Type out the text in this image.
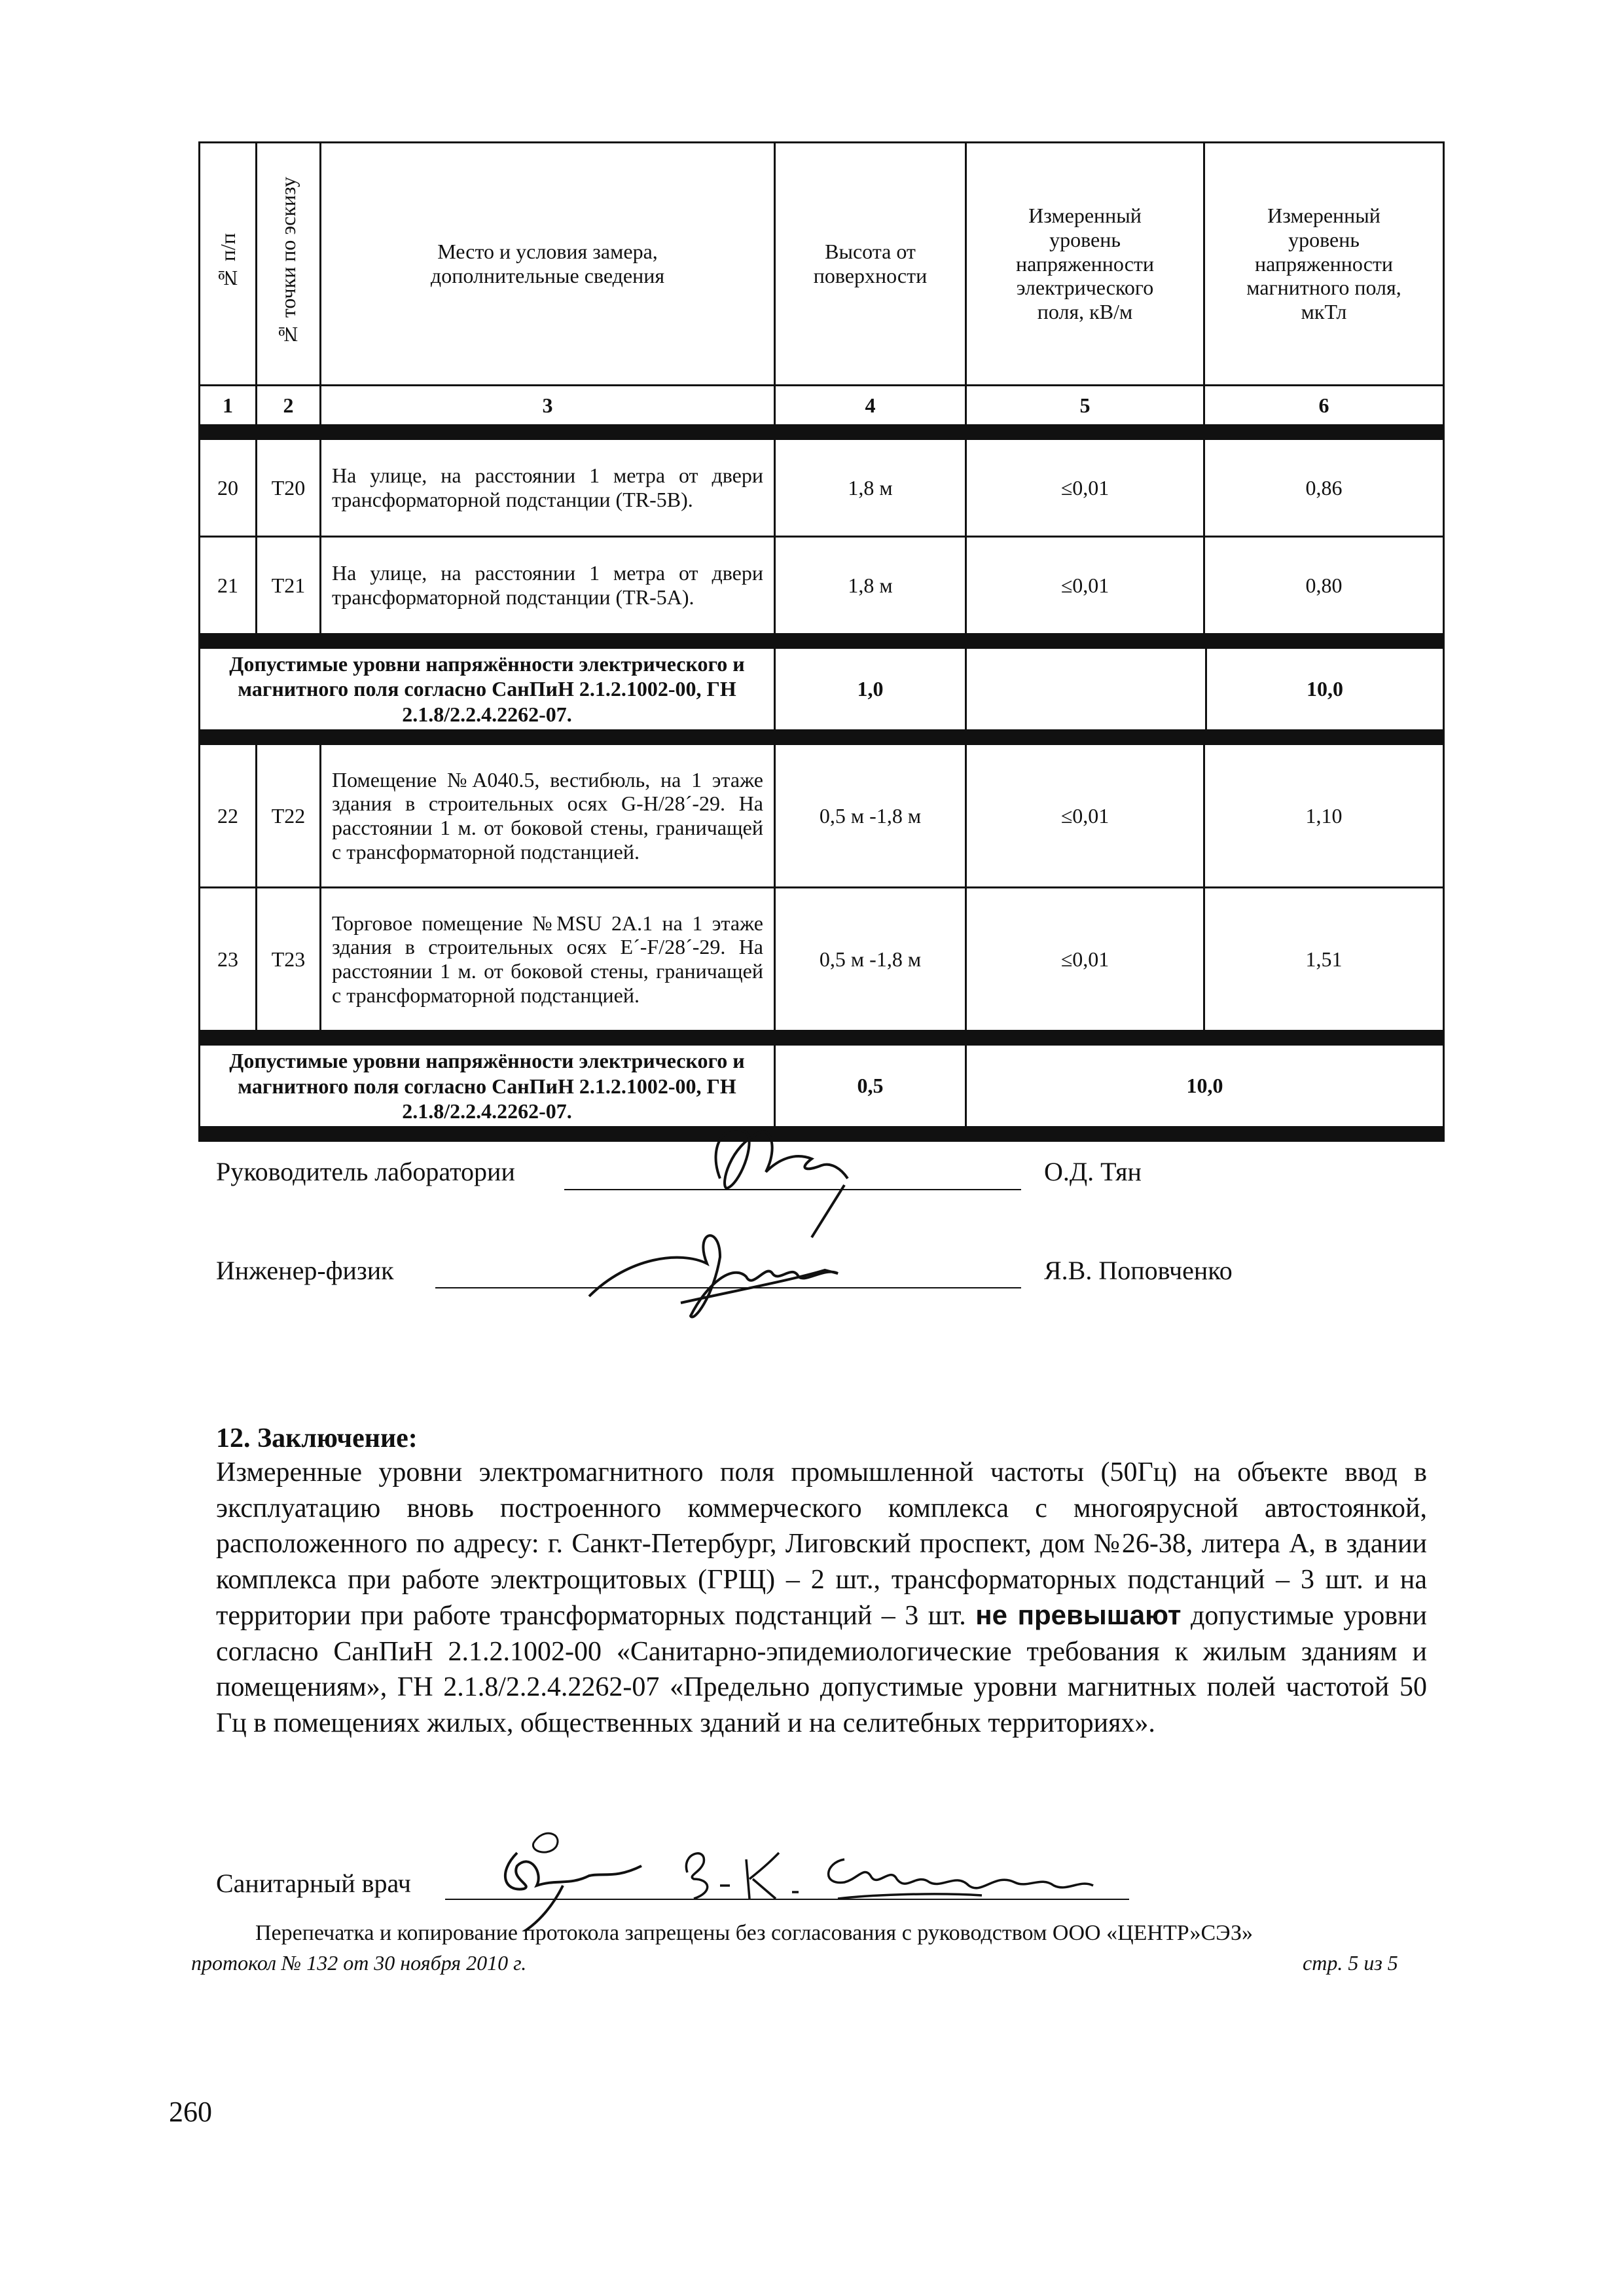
№ п/п	№ точки по эскизу	Место и условия замера, дополнительные сведения	Высота от поверхности	Измеренный уровень напряженности электрического поля, кВ/м	Измеренный уровень напряженности магнитного поля, мкТл
1	2	3	4	5	6

20	Т20	На улице, на расстоянии 1 метра от двери трансформаторной подстанции (TR-5B).	1,8 м	≤0,01	0,86
21	Т21	На улице, на расстоянии 1 метра от двери трансформаторной подстанции (TR-5A).	1,8 м	≤0,01	0,80

Допустимые уровни напряжённости электрического и магнитного поля согласно СанПиН 2.1.2.1002-00, ГН 2.1.8/2.2.4.2262-07.			1,0	10,0	

22	Т22	Помещение №А040.5, вестибюль, на 1 этаже здания в строительных осях G-H/28´-29. На расстоянии 1 м. от боковой стены, граничащей с трансформаторной подстанцией.	0,5 м -1,8 м	≤0,01	1,10
23	Т23	Торговое помещение №MSU 2A.1 на 1 этаже здания в строительных осях E´-F/28´-29. На расстоянии 1 м. от боковой стены, граничащей с трансформаторной подстанцией.	0,5 м -1,8 м	≤0,01	1,51

Допустимые уровни напряжённости электрического и магнитного поля согласно СанПиН 2.1.2.1002-00, ГН 2.1.8/2.2.4.2262-07.			0,5	10,0	

Руководитель лаборатории	О.Д. Тян
Инженер-физик	Я.В. Поповченко
12. Заключение:
Измеренные уровни электромагнитного поля промышленной частоты (50Гц) на объекте ввод в эксплуатацию вновь построенного коммерческого комплекса с многоярусной автостоянкой, расположенного по адресу: г. Санкт-Петербург, Лиговский проспект, дом №26-38, литера А, в здании комплекса при работе электрощитовых (ГРЩ) – 2 шт., трансформаторных подстанций – 3 шт. и на территории при работе трансформаторных подстанций – 3 шт. не превышают допустимые уровни согласно СанПиН 2.1.2.1002-00 «Санитарно-эпидемиологические требования к жилым зданиям и помещениям», ГН 2.1.8/2.2.4.2262-07 «Предельно допустимые уровни магнитных полей частотой 50 Гц в помещениях жилых, общественных зданий и на селитебных территориях».
Санитарный врач
Перепечатка и копирование протокола запрещены без согласования с руководством ООО «ЦЕНТР»СЭЗ»
протокол № 132 от 30 ноября 2010 г.	стр. 5 из 5
260
